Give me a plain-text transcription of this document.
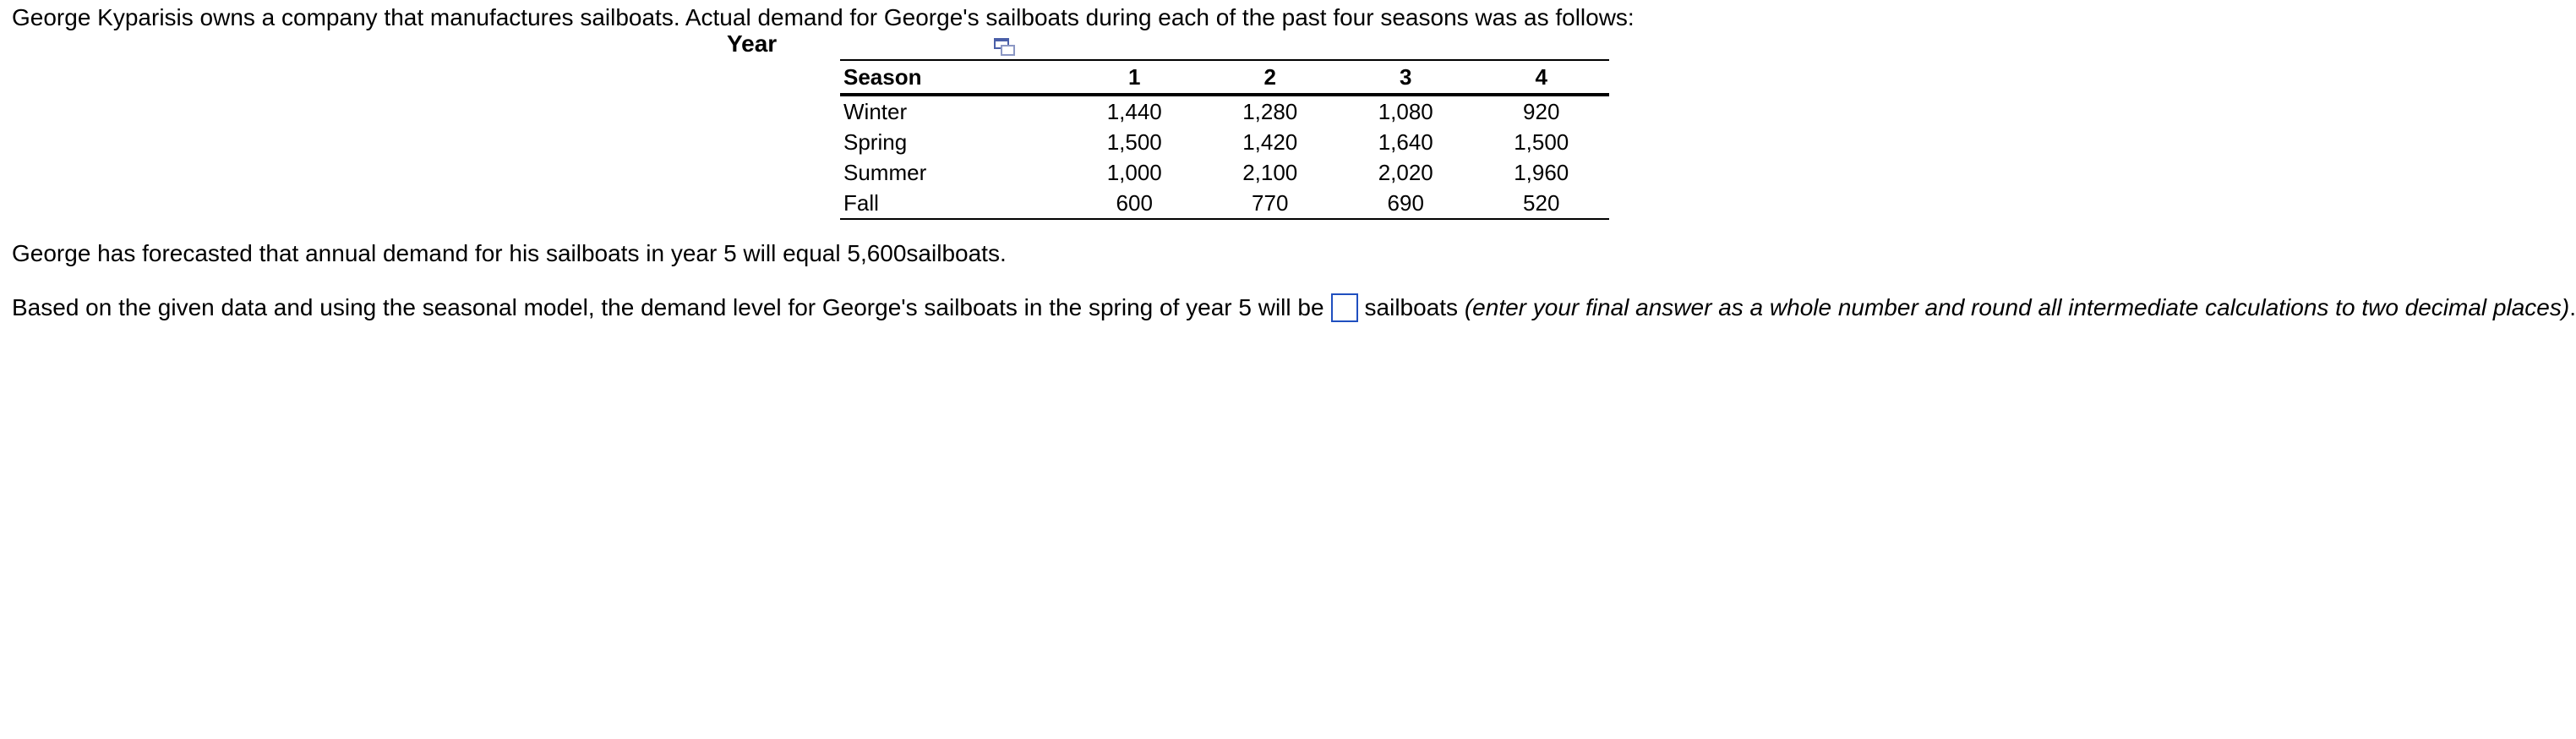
George Kyparisis owns a company that manufactures sailboats. Actual demand for George's sailboats during each of the past four seasons was as follows:
Year
Season	1	2	3	4
Winter	1,440	1,280	1,080	920
Spring	1,500	1,420	1,640	1,500
Summer	1,000	2,100	2,020	1,960
Fall	600	770	690	520
George has forecasted that annual demand for his sailboats in year 5 will equal 5,600sailboats.
Based on the given data and using the seasonal model, the demand level for George's sailboats in the spring of year 5 will be sailboats (enter your final answer as a whole number and round all intermediate calculations to two decimal places).
